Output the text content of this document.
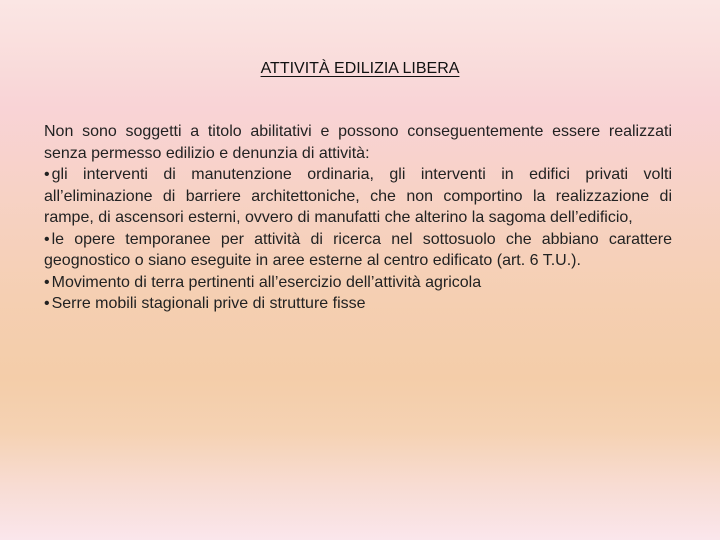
ATTIVITÀ EDILIZIA LIBERA

Non sono soggetti a titolo abilitativi e possono conseguentemente essere realizzati senza permesso edilizio e denunzia di attività:

• gli interventi di manutenzione ordinaria, gli interventi in edifici privati volti all’eliminazione di barriere architettoniche, che non comportino la realizzazione di rampe, di ascensori esterni, ovvero di manufatti che alterino la sagoma dell’edificio,

• le opere temporanee per attività di ricerca nel sottosuolo che abbiano carattere geognostico o siano eseguite in aree esterne al centro edificato (art. 6 T.U.).

• Movimento di terra pertinenti all’esercizio dell’attività agricola

• Serre mobili stagionali prive di strutture fisse
